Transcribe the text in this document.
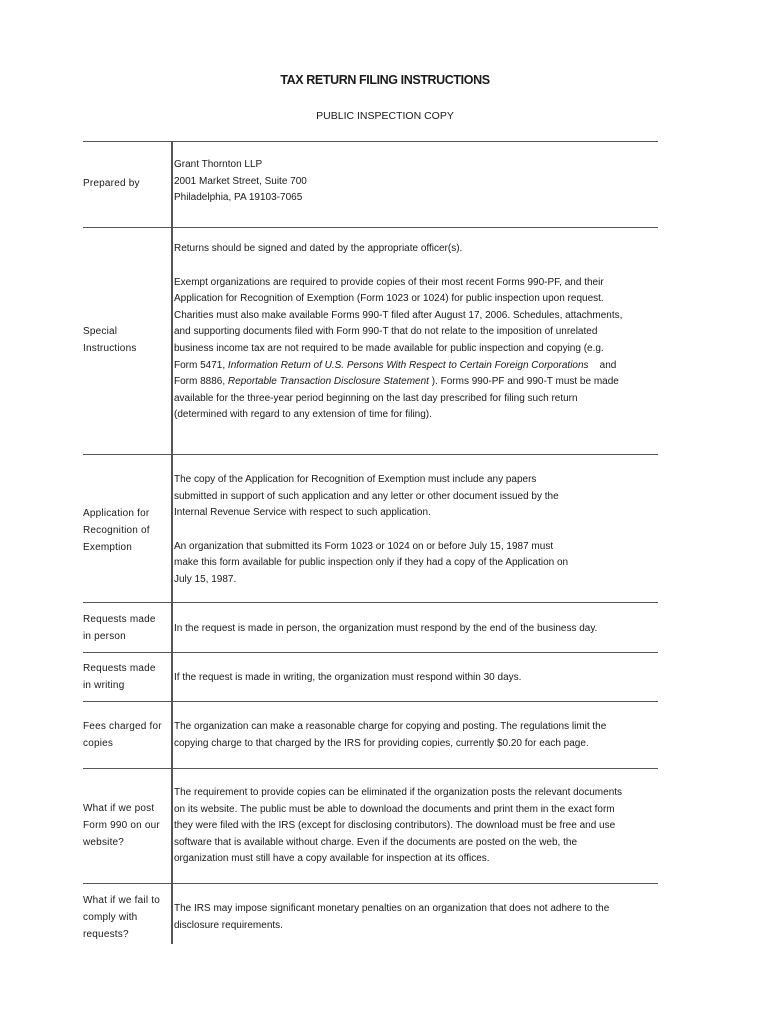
TAX RETURN FILING INSTRUCTIONS
PUBLIC INSPECTION COPY
Prepared by
Grant Thornton LLP
2001 Market Street, Suite 700
Philadelphia, PA 19103-7065
Special
Instructions

Returns should be signed and dated by the appropriate officer(s).

Exempt organizations are required to provide copies of their most recent Forms 990-PF, and their
Application for Recognition of Exemption (Form 1023 or 1024) for public inspection upon request.
Charities must also make available Forms 990-T filed after August 17, 2006. Schedules, attachments,
and supporting documents filed with Form 990-T that do not relate to the imposition of unrelated
business income tax are not required to be made available for public inspection and copying (e.g.
Form 5471, Information Return of U.S. Persons With Respect to Certain Foreign Corporations and
Form 8886, Reportable Transaction Disclosure Statement ). Forms 990-PF and 990-T must be made
available for the three-year period beginning on the last day prescribed for filing such return
(determined with regard to any extension of time for filing).

Application for
Recognition of
Exemption

The copy of the Application for Recognition of Exemption must include any papers
submitted in support of such application and any letter or other document issued by the
Internal Revenue Service with respect to such application.

An organization that submitted its Form 1023 or 1024 on or before July 15, 1987 must
make this form available for public inspection only if they had a copy of the Application on
July 15, 1987.

Requests made
in person
In the request is made in person, the organization must respond by the end of the business day.
Requests made
in writing
If the request is made in writing, the organization must respond within 30 days.
Fees charged for
copies
The organization can make a reasonable charge for copying and posting. The regulations limit the
copying charge to that charged by the IRS for providing copies, currently $0.20 for each page.
What if we post
Form 990 on our
website?
The requirement to provide copies can be eliminated if the organization posts the relevant documents
on its website. The public must be able to download the documents and print them in the exact form
they were filed with the IRS (except for disclosing contributors). The download must be free and use
software that is available without charge. Even if the documents are posted on the web, the
organization must still have a copy available for inspection at its offices.
What if we fail to
comply with
requests?
The IRS may impose significant monetary penalties on an organization that does not adhere to the
disclosure requirements.
